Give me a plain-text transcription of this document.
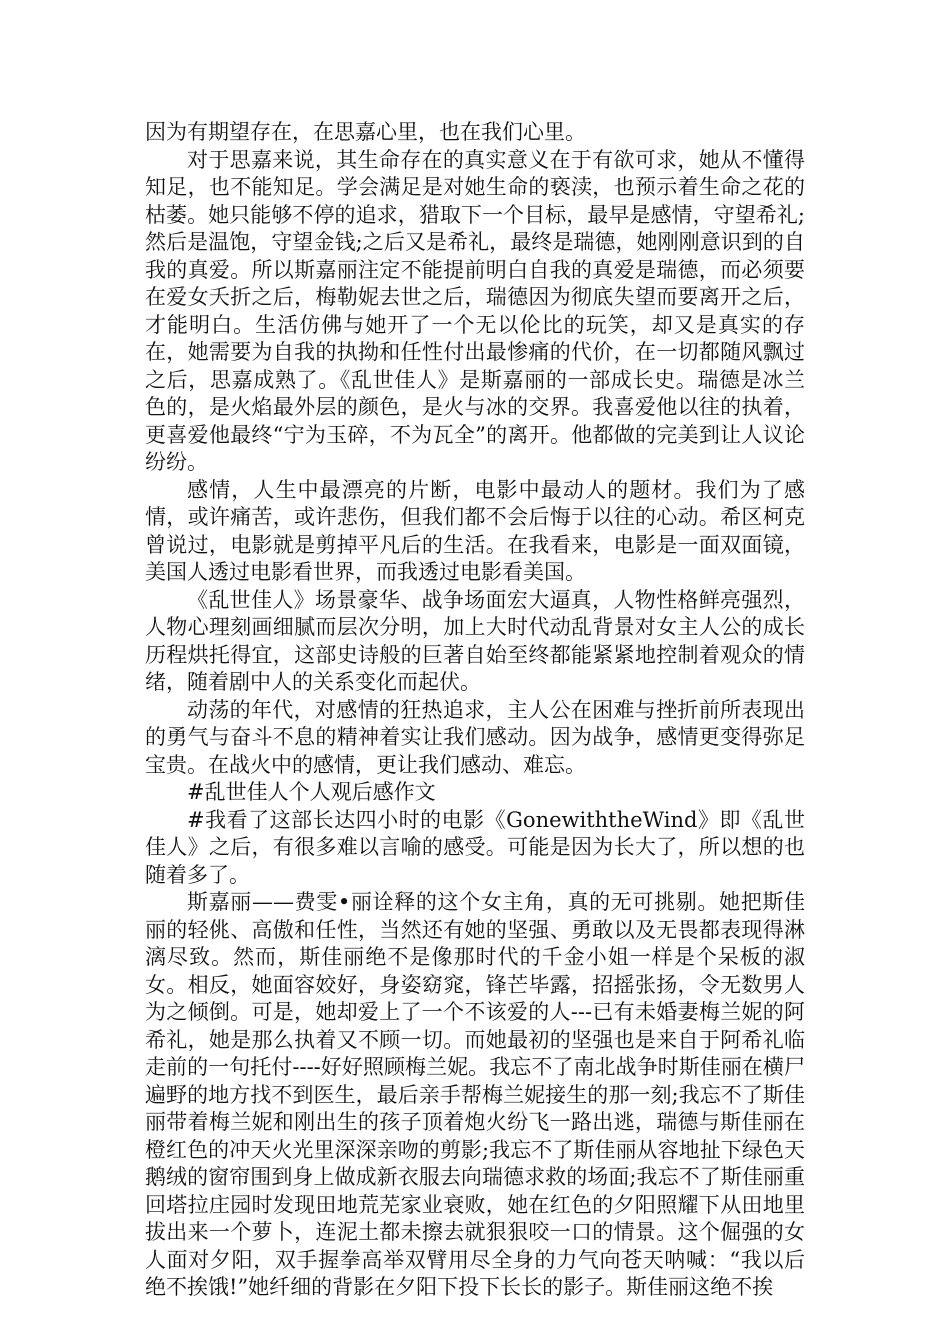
因为有期望存在，在思嘉心里，也在我们心里。

对于思嘉来说，其生命存在的真实意义在于有欲可求，她从不懂得知足，也不能知足。学会满足是对她生命的亵渎，也预示着生命之花的枯萎。她只能够不停的追求，猎取下一个目标，最早是感情，守望希礼;然后是温饱，守望金钱;之后又是希礼，最终是瑞德，她刚刚意识到的自我的真爱。所以斯嘉丽注定不能提前明白自我的真爱是瑞德，而必须要在爱女夭折之后，梅勒妮去世之后，瑞德因为彻底失望而要离开之后，才能明白。生活仿佛与她开了一个无以伦比的玩笑，却又是真实的存在，她需要为自我的执拗和任性付出最惨痛的代价，在一切都随风飘过之后，思嘉成熟了。《乱世佳人》是斯嘉丽的一部成长史。瑞德是冰兰色的，是火焰最外层的颜色，是火与冰的交界。我喜爱他以往的执着，更喜爱他最终“宁为玉碎，不为瓦全”的离开。他都做的完美到让人议论纷纷。

感情，人生中最漂亮的片断，电影中最动人的题材。我们为了感情，或许痛苦，或许悲伤，但我们都不会后悔于以往的心动。希区柯克曾说过，电影就是剪掉平凡后的生活。在我看来，电影是一面双面镜，美国人透过电影看世界，而我透过电影看美国。

《乱世佳人》场景豪华、战争场面宏大逼真，人物性格鲜亮强烈，人物心理刻画细腻而层次分明，加上大时代动乱背景对女主人公的成长历程烘托得宜，这部史诗般的巨著自始至终都能紧紧地控制着观众的情绪，随着剧中人的关系变化而起伏。

动荡的年代，对感情的狂热追求，主人公在困难与挫折前所表现出的勇气与奋斗不息的精神着实让我们感动。因为战争，感情更变得弥足宝贵。在战火中的感情，更让我们感动、难忘。

#乱世佳人个人观后感作文

#我看了这部长达四小时的电影《GonewiththeWind》即《乱世佳人》之后，有很多难以言喻的感受。可能是因为长大了，所以想的也随着多了。

斯嘉丽——费雯•丽诠释的这个女主角，真的无可挑剔。她把斯佳丽的轻佻、高傲和任性，当然还有她的坚强、勇敢以及无畏都表现得淋漓尽致。然而，斯佳丽绝不是像那时代的千金小姐一样是个呆板的淑女。相反，她面容姣好，身姿窈窕，锋芒毕露，招摇张扬，令无数男人为之倾倒。可是，她却爱上了一个不该爱的人---已有未婚妻梅兰妮的阿希礼，她是那么执着又不顾一切。而她最初的坚强也是来自于阿希礼临走前的一句托付----好好照顾梅兰妮。我忘不了南北战争时斯佳丽在横尸遍野的地方找不到医生，最后亲手帮梅兰妮接生的那一刻;我忘不了斯佳丽带着梅兰妮和刚出生的孩子顶着炮火纷飞一路出逃，瑞德与斯佳丽在橙红色的冲天火光里深深亲吻的剪影;我忘不了斯佳丽从容地扯下绿色天鹅绒的窗帘围到身上做成新衣服去向瑞德求救的场面;我忘不了斯佳丽重回塔拉庄园时发现田地荒芜家业衰败，她在红色的夕阳照耀下从田地里拔出来一个萝卜，连泥土都未擦去就狠狠咬一口的情景。这个倔强的女人面对夕阳，双手握拳高举双臂用尽全身的力气向苍天呐喊：“我以后绝不挨饿!”她纤细的背影在夕阳下投下长长的影子。斯佳丽这绝不挨
